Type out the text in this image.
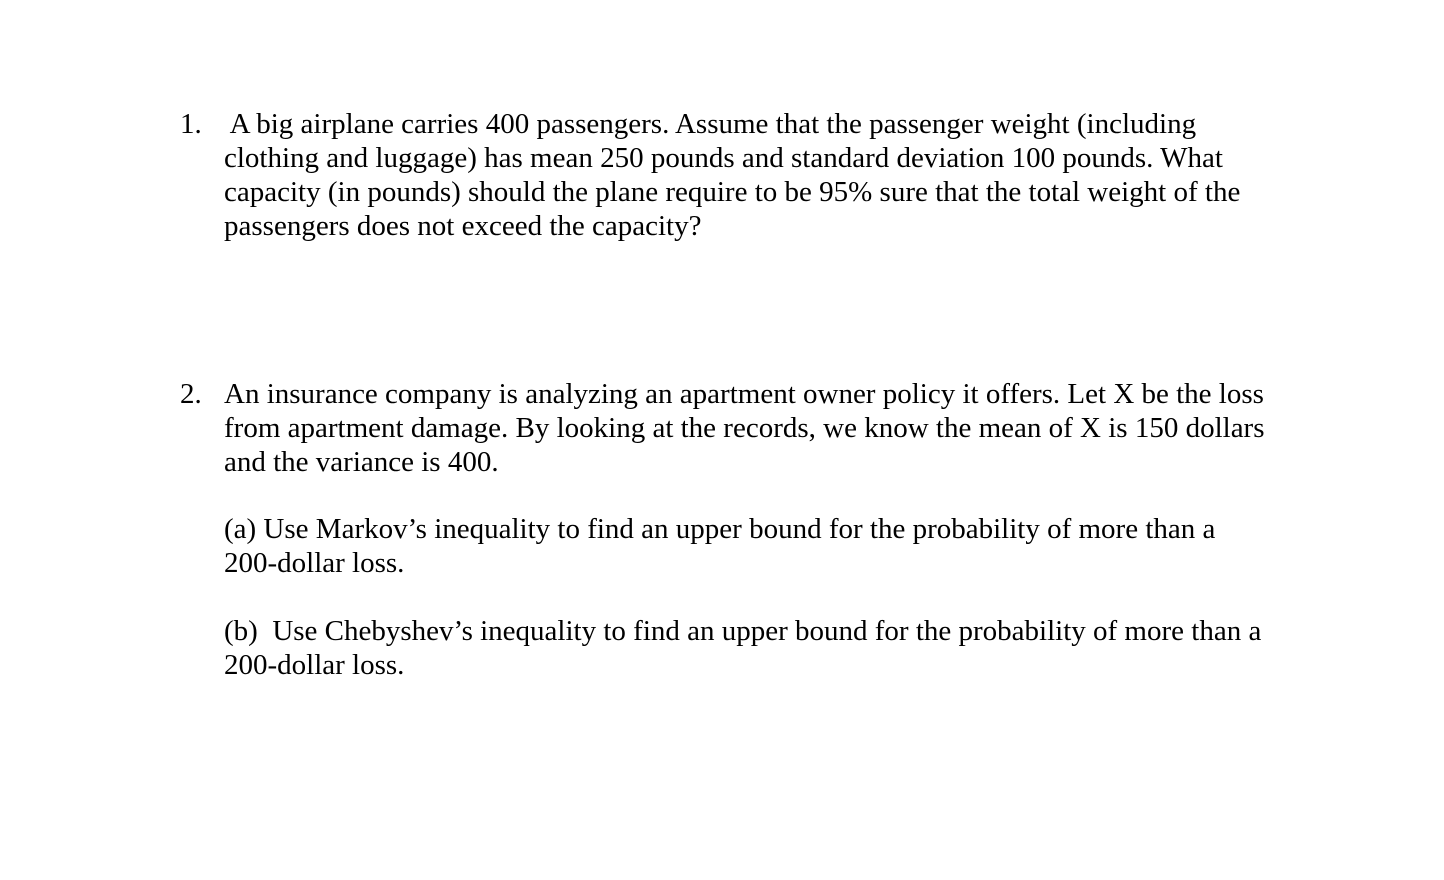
1. A big airplane carries 400 passengers. Assume that the passenger weight (including
clothing and luggage) has mean 250 pounds and standard deviation 100 pounds. What
capacity (in pounds) should the plane require to be 95% sure that the total weight of the
passengers does not exceed the capacity?
2. An insurance company is analyzing an apartment owner policy it offers. Let X be the loss
from apartment damage. By looking at the records, we know the mean of X is 150 dollars
and the variance is 400.
(a) Use Markov’s inequality to find an upper bound for the probability of more than a
200-dollar loss.
(b)  Use Chebyshev’s inequality to find an upper bound for the probability of more than a
200-dollar loss.
